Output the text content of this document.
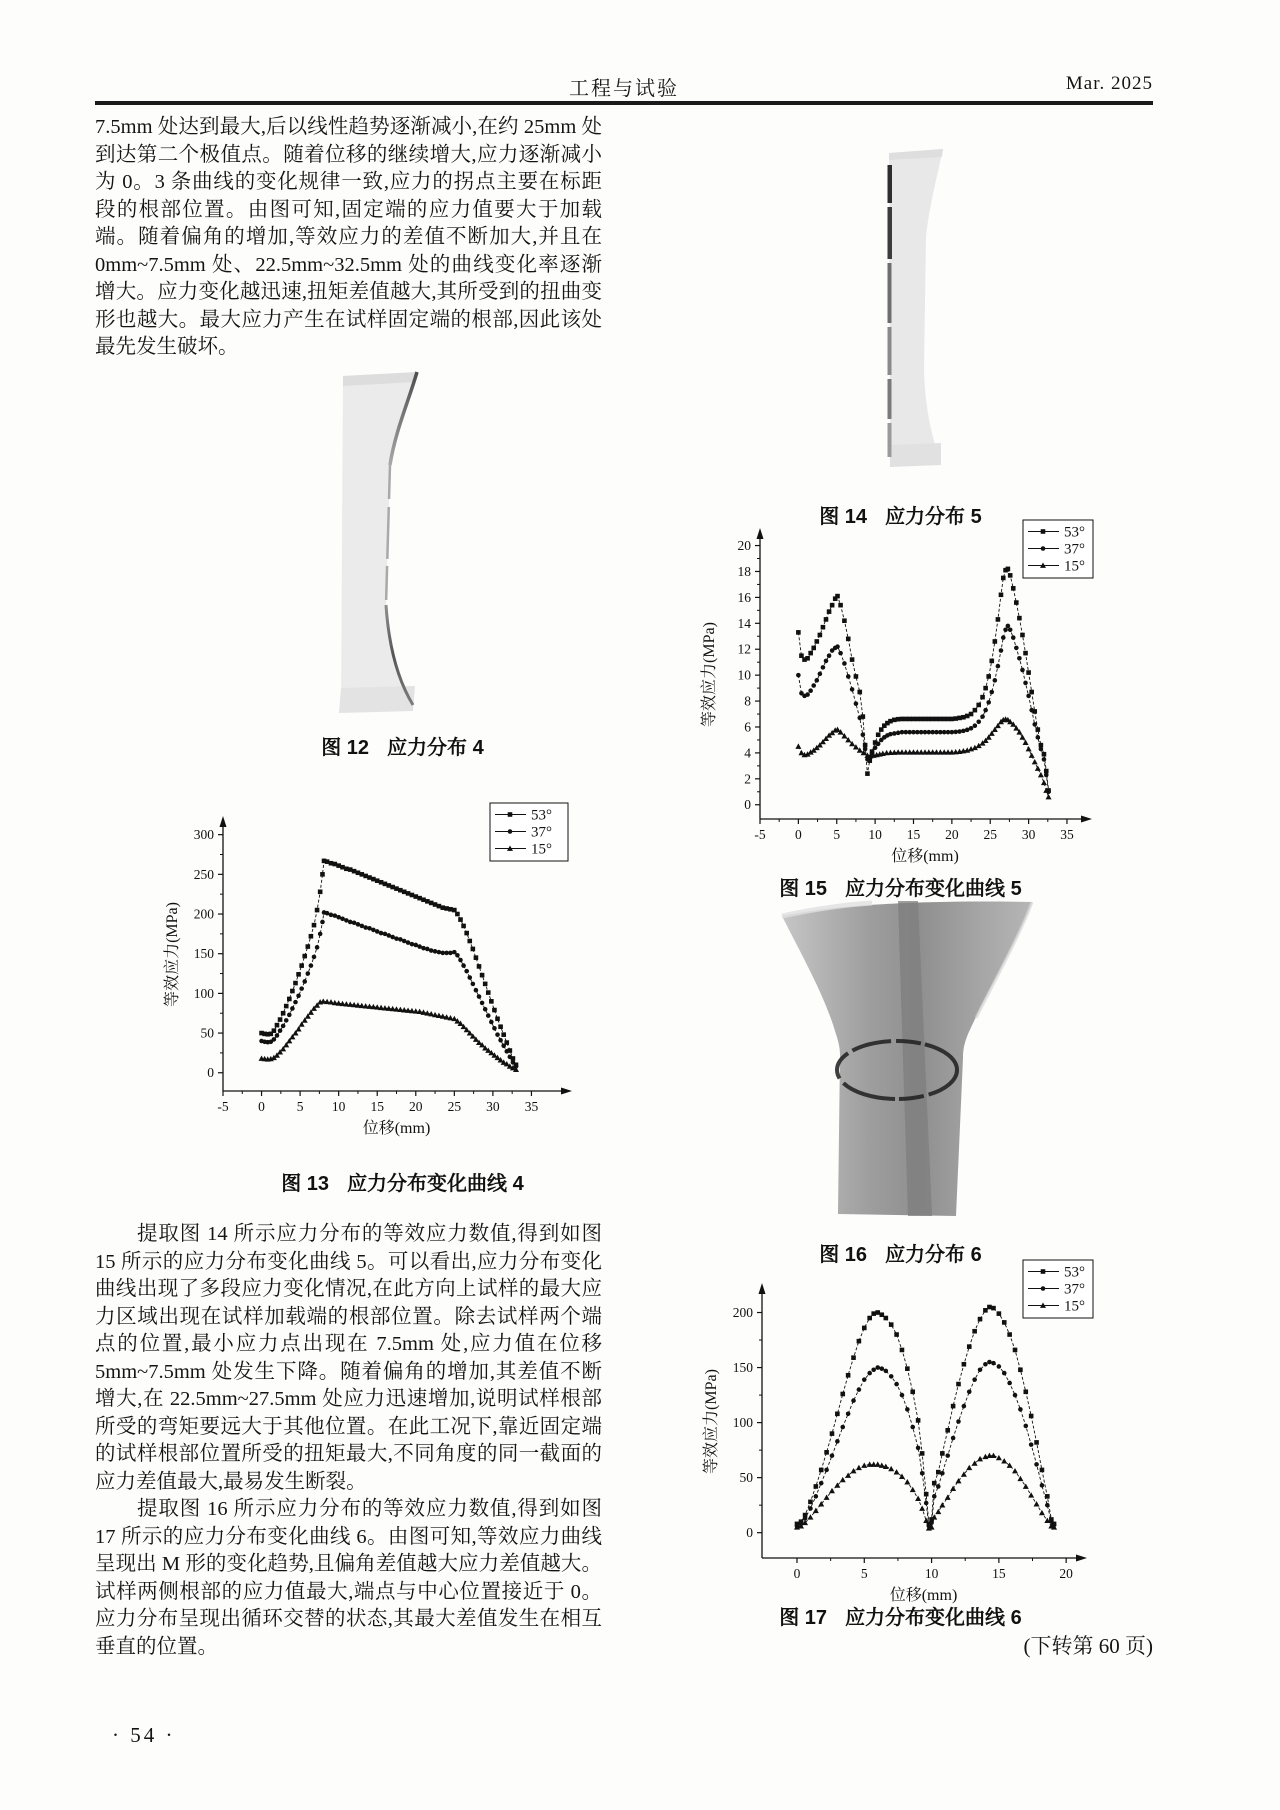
工程与试验	Mar. 2025
7.5mm 处达到最大,后以线性趋势逐渐减小,在约 25mm 处到达第二个极值点。随着位移的继续增大,应力逐渐减小为 0。3 条曲线的变化规律一致,应力的拐点主要在标距段的根部位置。由图可知,固定端的应力值要大于加载端。随着偏角的增加,等效应力的差值不断加大,并且在 0mm~7.5mm 处、22.5mm~32.5mm 处的曲线变化率逐渐增大。应力变化越迅速,扭矩差值越大,其所受到的扭曲变形也越大。最大应力产生在试样固定端的根部,因此该处最先发生破坏。
图 12 应力分布 4
-5 0 5 10 15 20 25 30 35
0
50
100
150
200
250
300
位移(mm)
等效应力(MPa)
53°
37°
15°
图 13 应力分布变化曲线 4
提取图 14 所示应力分布的等效应力数值,得到如图 15 所示的应力分布变化曲线 5。可以看出,应力分布变化曲线出现了多段应力变化情况,在此方向上试样的最大应力区域出现在试样加载端的根部位置。除去试样两个端点的位置,最小应力点出现在 7.5mm 处,应力值在位移 5mm~7.5mm 处发生下降。随着偏角的增加,其差值不断增大,在 22.5mm~27.5mm 处应力迅速增加,说明试样根部所受的弯矩要远大于其他位置。在此工况下,靠近固定端的试样根部位置所受的扭矩最大,不同角度的同一截面的应力差值最大,最易发生断裂。
提取图 16 所示应力分布的等效应力数值,得到如图 17 所示的应力分布变化曲线 6。由图可知,等效应力曲线呈现出 M 形的变化趋势,且偏角差值越大应力差值越大。试样两侧根部的应力值最大,端点与中心位置接近于 0。应力分布呈现出循环交替的状态,其最大差值发生在相互垂直的位置。
图 14 应力分布 5
-5 0 5 10 15 20 25 30 35
0
2
4
6
8
10
12
14
16
18
20
位移(mm)
等效应力(MPa)
53°
37°
15°
图 15 应力分布变化曲线 5
图 16 应力分布 6
0	5	10	15	20
0
50
100
150
200
位移(mm)
等效应力(MPa)
53°
37°
15°
图 17 应力分布变化曲线 6
(下转第 60 页)
· 54 ·
